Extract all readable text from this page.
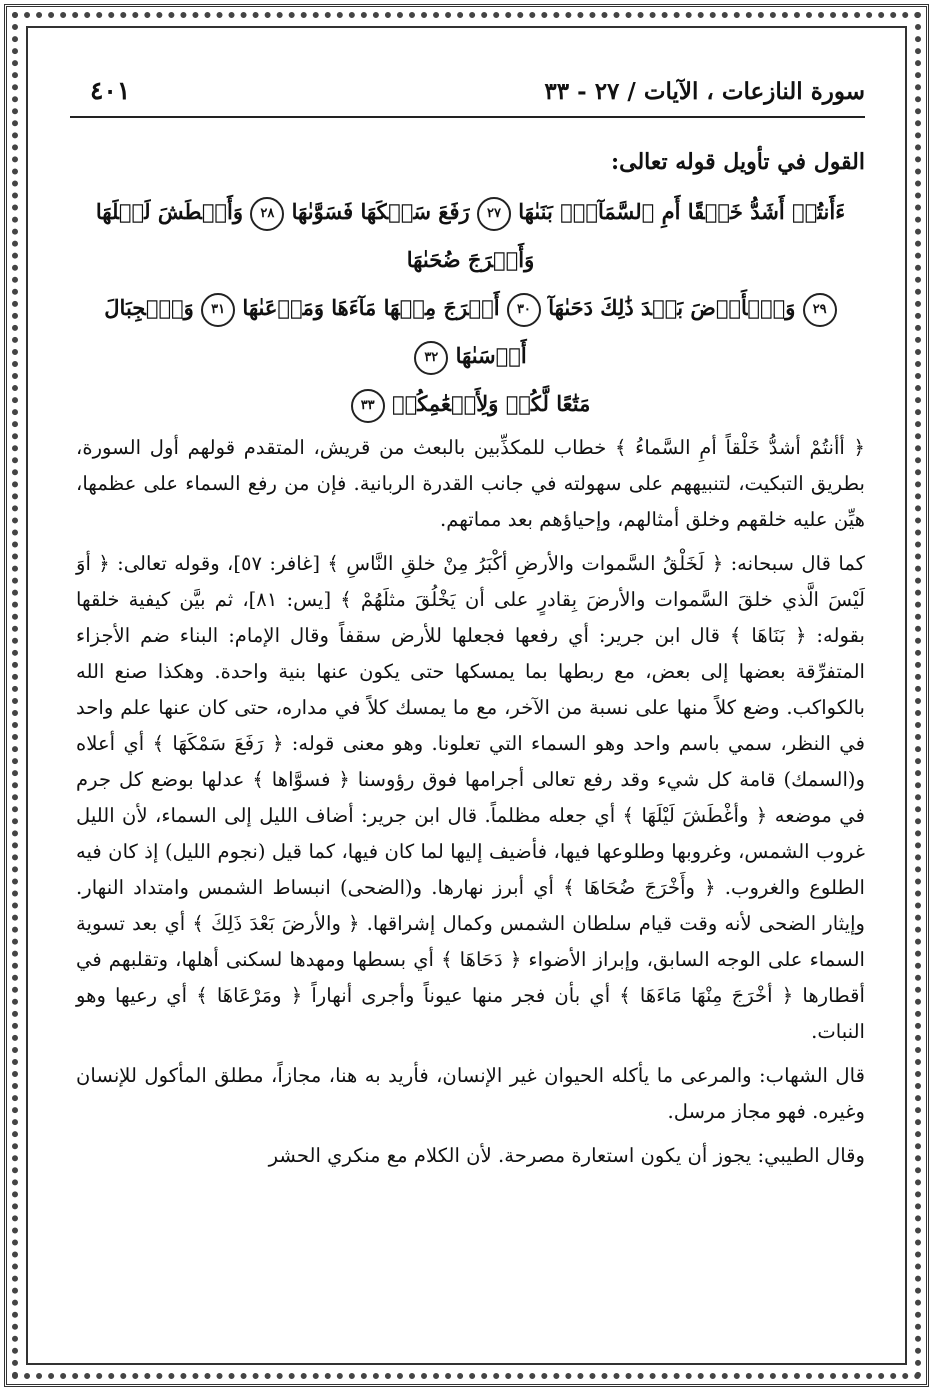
سورة النازعات ، الآيات / ٢٧ - ٣٣
٤٠١

القول في تأويل قوله تعالى:

ءَأَنتُمۡ أَشَدُّ خَلۡقًا أَمِ ٱلسَّمَآءُۚ بَنَىٰهَا ٢٧ رَفَعَ سَمۡكَهَا فَسَوَّىٰهَا ٢٨ وَأَغۡطَشَ لَيۡلَهَا وَأَخۡرَجَ ضُحَىٰهَا

٢٩ وَٱلۡأَرۡضَ بَعۡدَ ذَٰلِكَ دَحَىٰهَآ ٣٠ أَخۡرَجَ مِنۡهَا مَآءَهَا وَمَرۡعَىٰهَا ٣١ وَٱلۡجِبَالَ أَرۡسَىٰهَا ٣٢

مَتَٰعًا لَّكُمۡ وَلِأَنۡعَٰمِكُمۡ ٣٣

﴿ أأنتُمْ أشدُّ خَلْقاً أمِ السَّماءُ ﴾ خطاب للمكذِّبين بالبعث من قريش، المتقدم قولهم أول السورة، بطريق التبكيت، لتنبيههم على سهولته في جانب القدرة الربانية. فإن من رفع السماء على عظمها، هيِّن عليه خلقهم وخلق أمثالهم، وإحياؤهم بعد مماتهم.

كما قال سبحانه: ﴿ لَخَلْقُ السَّموات والأرضِ أكْبَرُ مِنْ خلقِ النَّاسِ ﴾ [غافر: ٥٧]، وقوله تعالى: ﴿ أوَ لَيْسَ الَّذي خلقَ السَّموات والأرضَ بِقادرٍ على أن يَخْلُقَ مثلَهُمْ ﴾ [يس: ٨١]، ثم بيَّن كيفية خلقها بقوله: ﴿ بَنَاهَا ﴾ قال ابن جرير: أي رفعها فجعلها للأرض سقفاً وقال الإمام: البناء ضم الأجزاء المتفرِّقة بعضها إلى بعض، مع ربطها بما يمسكها حتى يكون عنها بنية واحدة. وهكذا صنع الله بالكواكب. وضع كلاً منها على نسبة من الآخر، مع ما يمسك كلاً في مداره، حتى كان عنها علم واحد في النظر، سمي باسم واحد وهو السماء التي تعلونا. وهو معنى قوله: ﴿ رَفَعَ سَمْكَهَا ﴾ أي أعلاه و(السمك) قامة كل شيء وقد رفع تعالى أجرامها فوق رؤوسنا ﴿ فسوَّاها ﴾ عدلها بوضع كل جرم في موضعه ﴿ وأغْطَشَ لَيْلَهَا ﴾ أي جعله مظلماً. قال ابن جرير: أضاف الليل إلى السماء، لأن الليل غروب الشمس، وغروبها وطلوعها فيها، فأضيف إليها لما كان فيها، كما قيل (نجوم الليل) إذ كان فيه الطلوع والغروب. ﴿ وأَخْرَجَ ضُحَاهَا ﴾ أي أبرز نهارها. و(الضحى) انبساط الشمس وامتداد النهار. وإيثار الضحى لأنه وقت قيام سلطان الشمس وكمال إشراقها. ﴿ والأرضَ بَعْدَ ذَلِكَ ﴾ أي بعد تسوية السماء على الوجه السابق، وإبراز الأضواء ﴿ دَحَاهَا ﴾ أي بسطها ومهدها لسكنى أهلها، وتقلبهم في أقطارها ﴿ أخْرَجَ مِنْهَا مَاءَهَا ﴾ أي بأن فجر منها عيوناً وأجرى أنهاراً ﴿ ومَرْعَاهَا ﴾ أي رعيها وهو النبات.

قال الشهاب: والمرعى ما يأكله الحيوان غير الإنسان، فأريد به هنا، مجازاً، مطلق المأكول للإنسان وغيره. فهو مجاز مرسل.

وقال الطيبي: يجوز أن يكون استعارة مصرحة. لأن الكلام مع منكري الحشر
